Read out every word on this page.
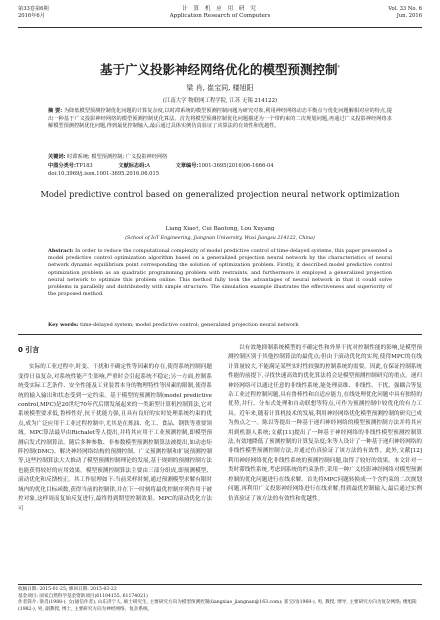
第33卷第6期
2016年6月
计 算 机 应 用 研 究
Application Research of Computers
Vol. 33 No. 6
Jun. 2016
基于广义投影神经网络优化的模型预测控制*
梁 肖, 崔宝同, 楼旭阳
(江南大学 物联网工程学院, 江苏 无锡 214122)
摘 要: 为降低模型预测控制优化问题的计算复杂度,以时滞系统的模型预测控制问题为研究对象,利用神经网络动态平衡点与优化问题解相对应的特点,提出一种基于广义投影神经网络的模型预测控制优化算法。首先将模型预测控制优化问题描述为一个带约束的二次规划问题,再通过广义投影神经网络求解模型预测控制优化问题,得到最优控制输入,最后通过具体实例仿真验证了该算法的有效性和优越性。
关键词: 时滞系统; 模型预测控制; 广义投影神经网络
中图分类号:TP183	文献标志码:A	文章编号:1001-3695(2016)06-1666-04
doi:10.3969/j.issn.1001-3695.2016.06.015
Model predictive control based on generalized projection neural network optimization
Liang Xiao†, Cui Baotong, Lou Xuyang
(School of IoT Engineering, Jiangnan University, Wuxi Jiangsu 214122, China)
Abstract: In order to reduce the computational complexity of model predictive control of time-delayed systems, this paper presented a model predictive control optimization algorithm based on a generalized projection neural network by the characteristics of neural network dynamic equilibrium point corresponding the solution of optimization problem. Firstly, it described model predictive control optimization problem as an quadratic programming problem with restraints, and furthermore it employed a generalized projection neural network to optimize this problem online. This method fully took the advantages of neural network in that it could solve problems in parallelly and distributedly with simple structure. The simulation example illustrates the effectiveness and superiority of the proposed method.
Key words: time-delayed system; model predictive control; generalized projection neural network
0 引言

实际的工业过程中,时变、干扰和不确定性等因素的存在,使得系统控制问题变得日益复杂,对系统性能产生影响,严重时会引起系统不稳定;另一方面,控制系统受实际工艺条件、安全性能及工业装置本身的物理特性等因素的限制,使得系统的输入输出和状态受到一定约束。基于模型的预测控制(model predictive control,MPC)是20世纪70年代后期发展起来的一类新型计算机控制算法,它对系统模型要求低,鲁棒性好,抗干扰能力强,且具有良好的实时处理系统约束的优点,成为广泛应用于工业过程控制中,尤其是在炼油、化工、食品、钢铁等重要领域。MPC算法最早由Richalet等人提出,并将其应用于工业预测控制,即模型预测启发式控制算法。随后多种参数、非参数模型预测控制算法被提出,如动态矩阵控制(DMC)、解决神经网络结构的预测控制、广义预测控制和扩展预测控制等,这些控制算法大大推动了模型预测控制理论的发展,基于规则的预测控制方法也能获得较好的应用效果。模型预测控制算法主要由三部分组成,即预测模型、滚动优化和反馈校正。其工作原理如下:当前采样时刻,通过预测模型求解有限时域内的优化目标函数,获得当前的控制律,并在下一时刻将最优控制序列作用于被控对象,这样周而复始反复进行,最终得到期望控制效果。MPC的滚动优化方法可

以有效地抑制系统模型的不确定性和外界干扰对控制性能的影响,是模型预测控制区别于其他控制算法的最优点;但由于滚动优化的实现,使得MPC的在线计算量较大,不能满足某些实时性较强的控制系统的需要。因此,在保证控制系统性能的前提下,寻找快速高效的优化算法将会是模型预测控制研究的重点。递归神经网络可以通过任意的非线性系统,能处理高维、非线性、干扰、强耦合等复杂工业过程控制问题,具有鲁棒性和自适应能力,在线处理优化问题中具有独特的优势,并行、分布式处理和自动联想等特点,可作为预测控制中较优化的有力工具。近年来,随着计算机技术的发展,利用神经网络优化模型预测控制的研究已成为热点之一。陈以等提出一种基于递归神经网络的模型预测控制方法并将其应用到机器人系统;文献[11]提出了一种基于神经网络的非线性模型预测控制算法,有效地降低了预测控制的计算复杂度;朱等人设计了一种基于递归神经网络的非线性模型预测控制方法,并通过仿真验证了该方法的有效性。此外,文献[12]利用神经网络优化非线性系统的预测控制问题,取得了较好的效果。本文针对一类时滞线性系统,考虑到系统的约束条件,采用一种广义投影神经网络对模型预测控制的优化问题进行在线求解。首先将MPC问题转换成一个含约束的二次规划问题,再利用广义投影神经网络进行在线求解,得到最优控制输入,最后通过实例仿真验证了该方法的有效性和优越性。

收稿日期: 2015-01-25; 修回日期: 2015-03-22
基金项目: 国家自然科学基金资助项目(61104155, 61174021)
作者简介: 梁肖(1988-), 女(通信作者), 山东济宁人, 硕士研究生, 主要研究方向为模型预测控制(liangxiao_jiangnan@163.com); 崔宝同(1960-), 男, 教授, 博导, 主要研究方向为复杂网络; 楼旭阳(1982-), 男, 副教授, 博士, 主要研究方向为神经网络、复杂系统。
